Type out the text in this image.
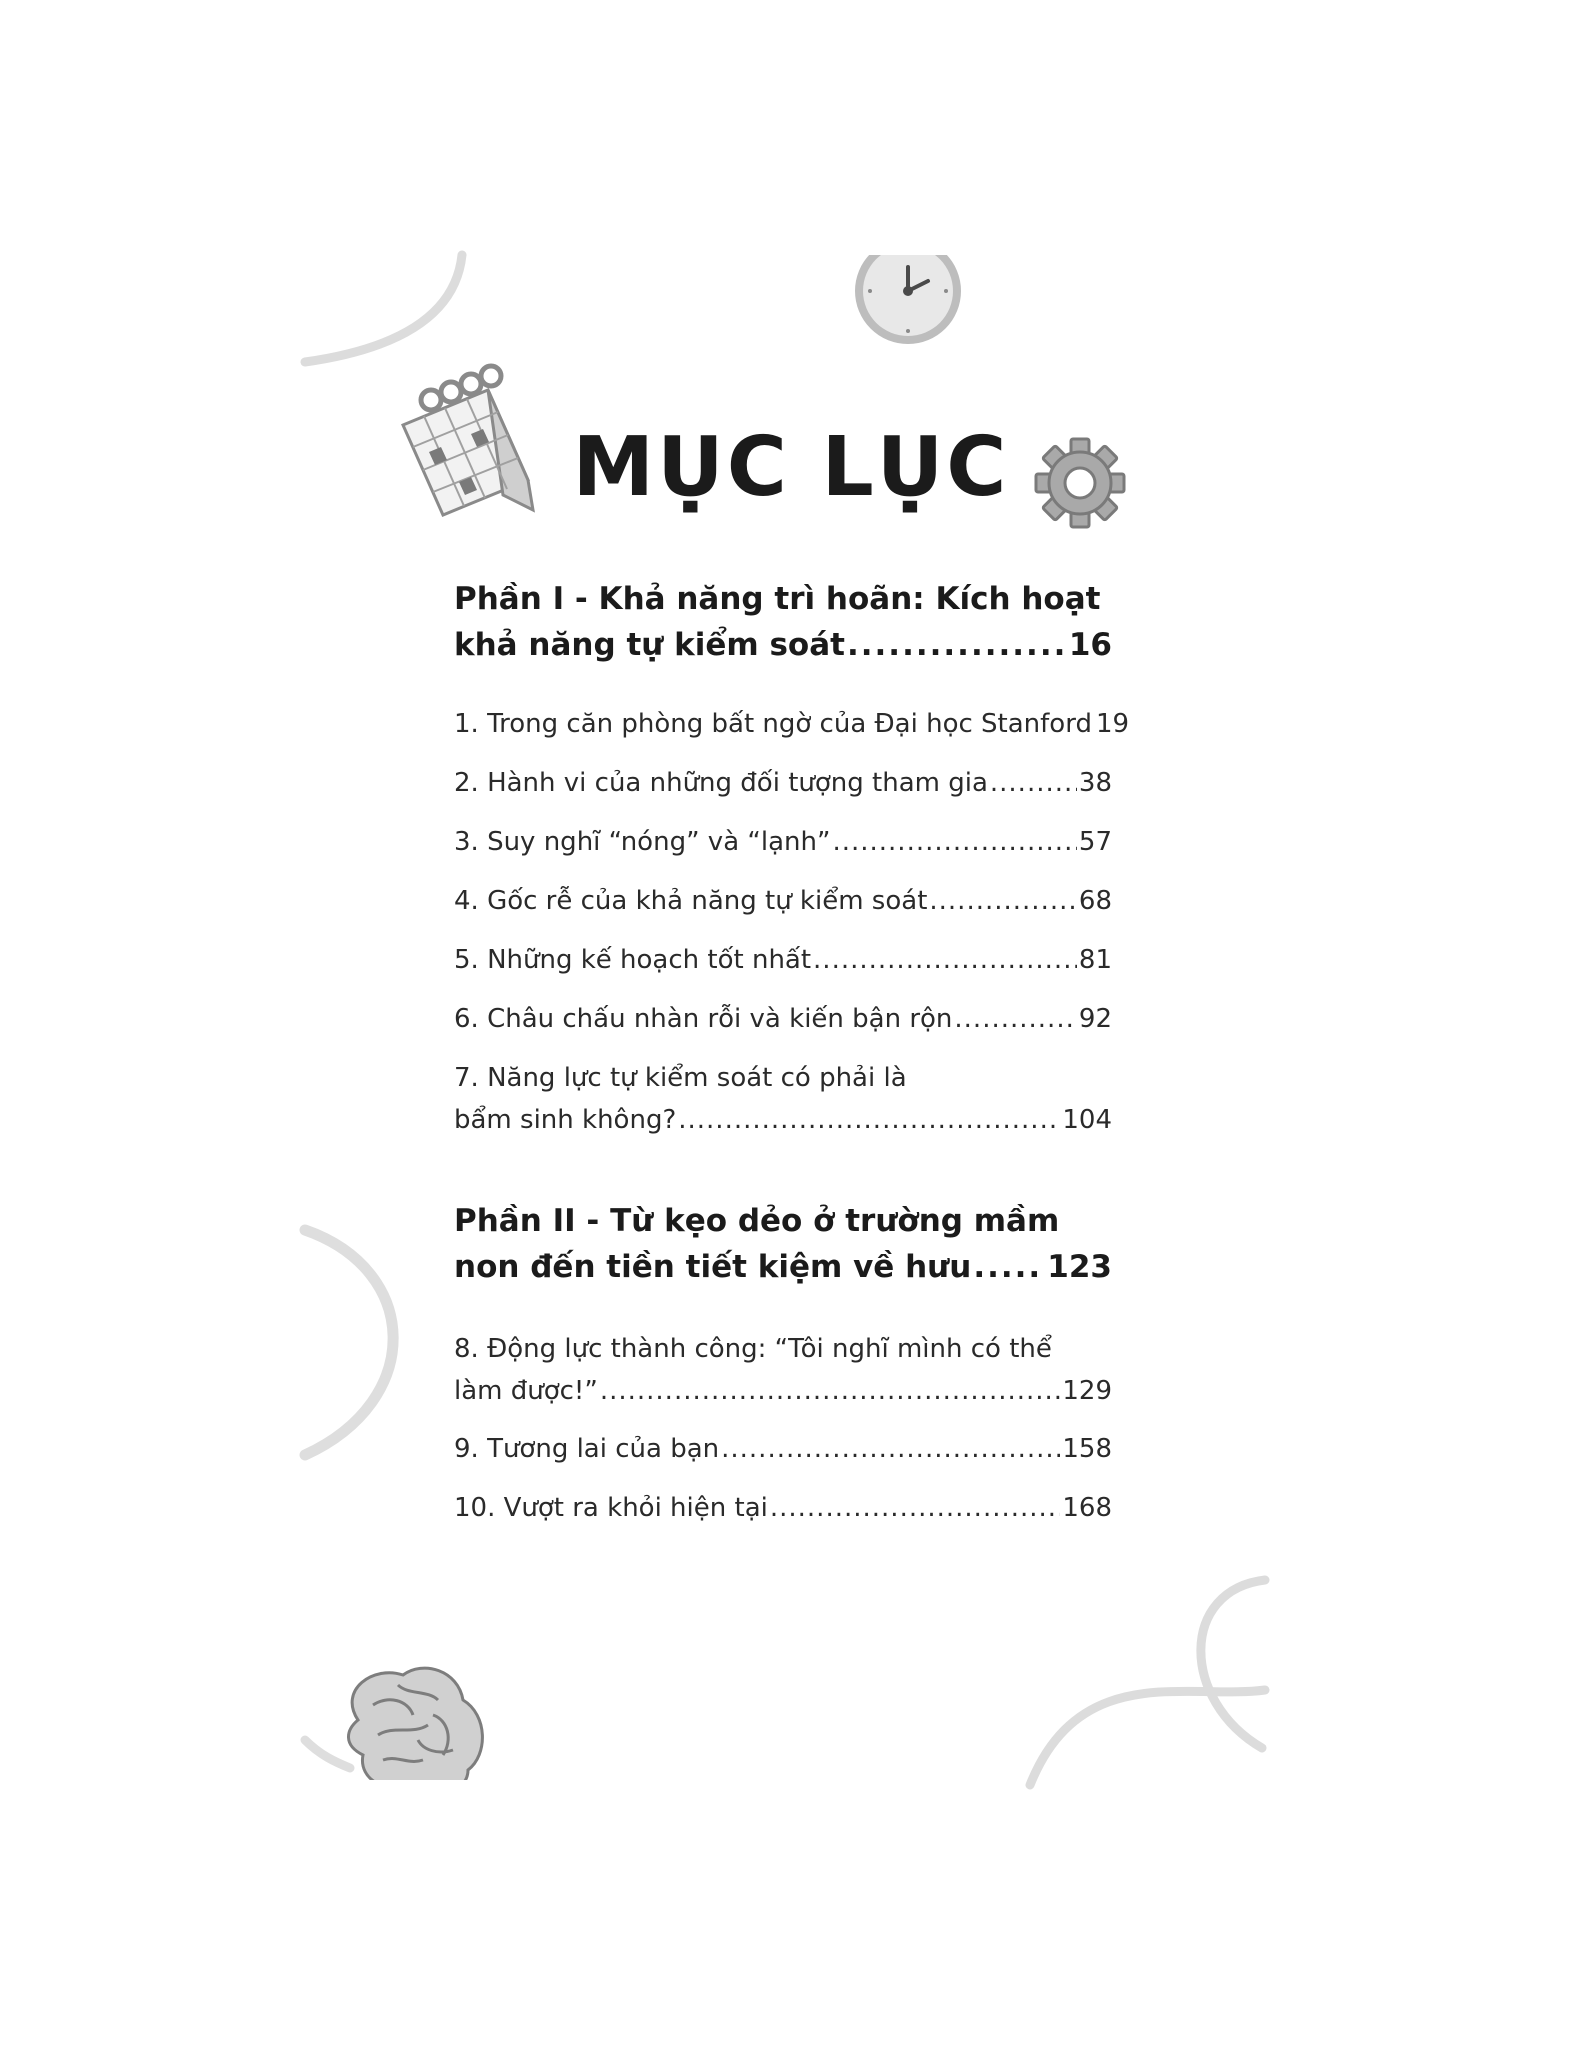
MỤC LỤC
Phần I - Khả năng trì hoãn: Kích hoạt
khả năng tự kiểm soát .....	16
1. Trong căn phòng bất ngờ của Đại học Stanford 19
2. Hành vi của những đối tượng tham gia .....	38
3. Suy nghĩ “nóng” và “lạnh” .....	57
4. Gốc rễ của khả năng tự kiểm soát .....	68
5. Những kế hoạch tốt nhất .....	81
6. Châu chấu nhàn rỗi và kiến bận rộn .....	92
7. Năng lực tự kiểm soát có phải là
bẩm sinh không? .....	104
Phần II - Từ kẹo dẻo ở trường mầm
non đến tiền tiết kiệm về hưu ..... 123
8. Động lực thành công: “Tôi nghĩ mình có thể
làm được!” .....	129
9. Tương lai của bạn .....	158
10. Vượt ra khỏi hiện tại .....	168
